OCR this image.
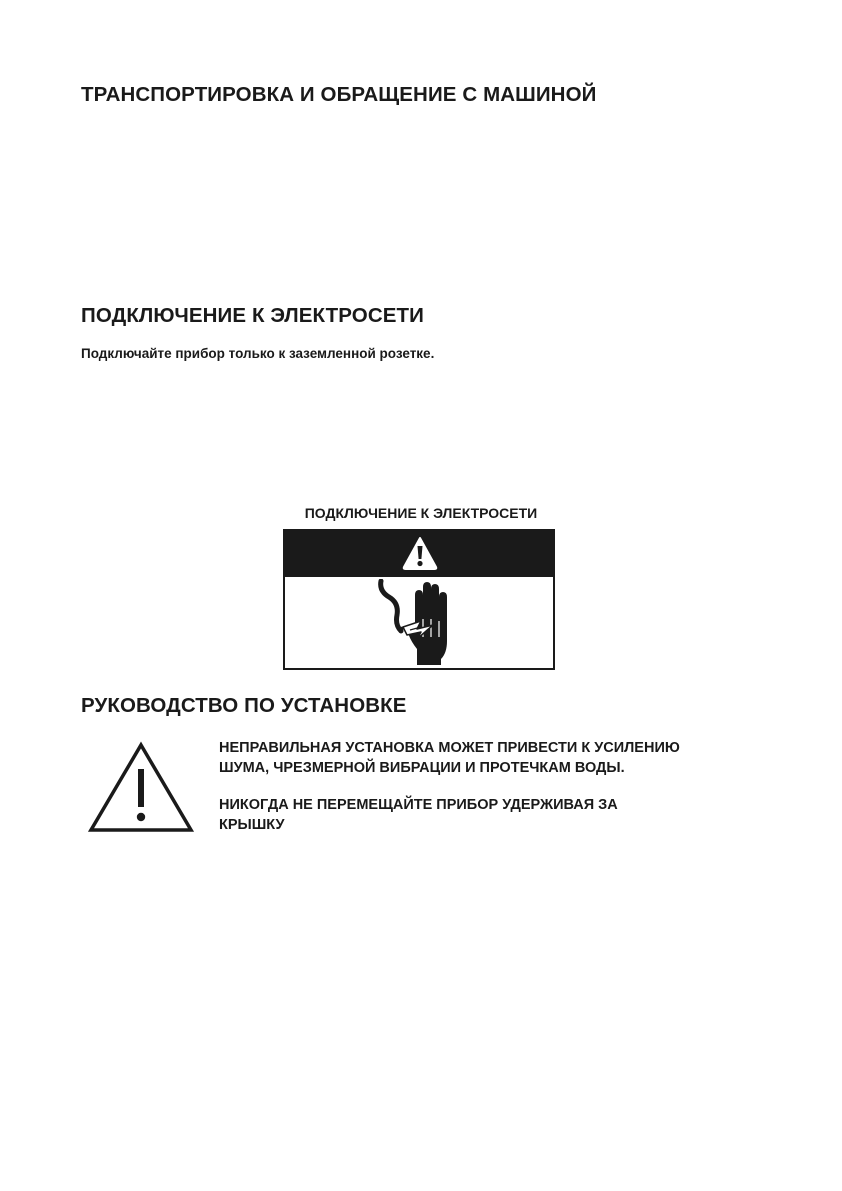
ТРАНСПОРТИРОВКА И ОБРАЩЕНИЕ С МАШИНОЙ
ПОДКЛЮЧЕНИЕ К ЭЛЕКТРОСЕТИ

Подключайте прибор только к заземленной розетке.

ПОДКЛЮЧЕНИЕ К ЭЛЕКТРОСЕТИ
РУКОВОДСТВО ПО УСТАНОВКЕ

НЕПРАВИЛЬНАЯ УСТАНОВКА МОЖЕТ ПРИВЕСТИ К УСИЛЕНИЮ

ШУМА, ЧРЕЗМЕРНОЙ ВИБРАЦИИ И ПРОТЕЧКАМ ВОДЫ.

НИКОГДА НЕ ПЕРЕМЕЩАЙТЕ ПРИБОР УДЕРЖИВАЯ ЗА

КРЫШКУ
